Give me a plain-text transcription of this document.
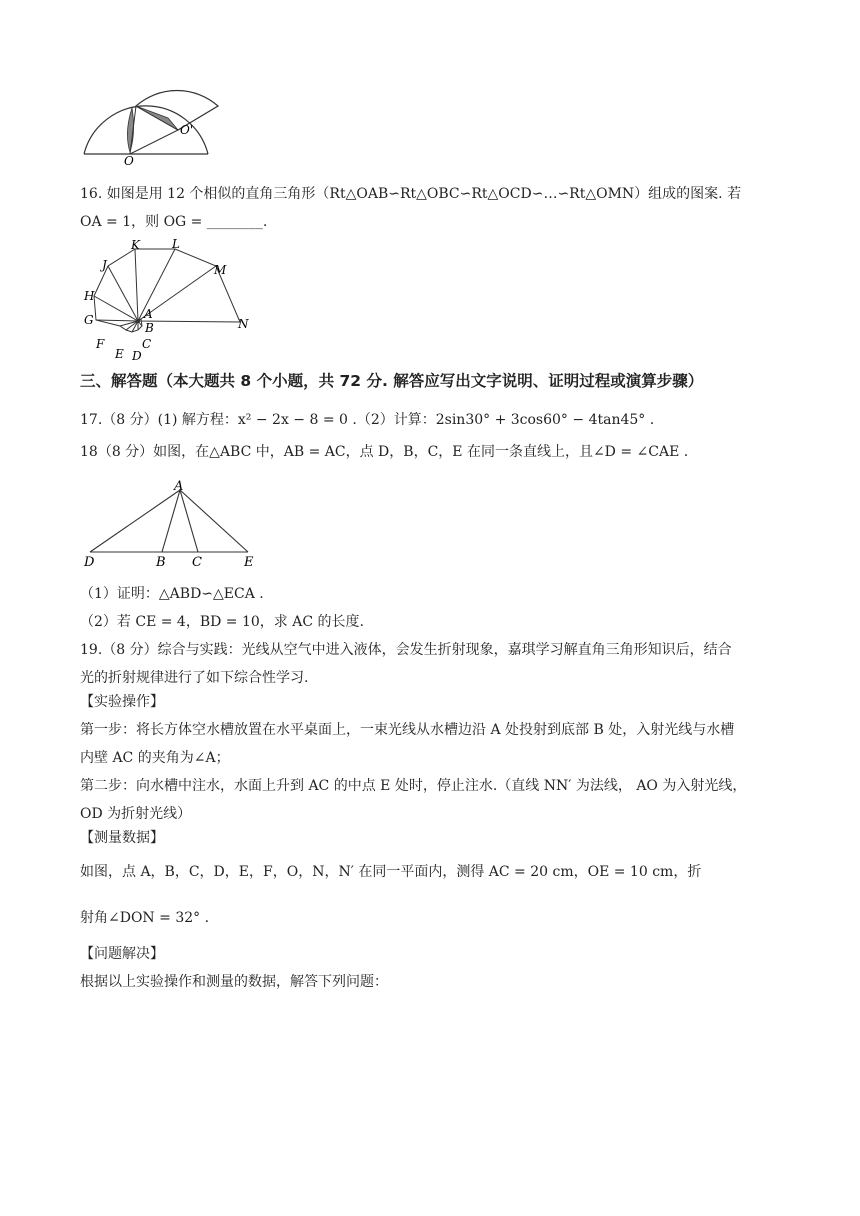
O
O'
16. 如图是用 12 个相似的直角三角形（Rt△OAB∽Rt△OBC∽Rt△OCD∽…∽Rt△OMN）组成的图案. 若
OA = 1，则 OG = ________.
K	L
J	M
H
G	A
B	N
F	C
E D
三、解答题（本大题共 8 个小题，共 72 分. 解答应写出文字说明、证明过程或演算步骤）
17.（8 分）(1) 解方程：x² − 2x − 8 = 0 .（2）计算：2sin30° + 3cos60° − 4tan45° .
18（8 分）如图，在△ABC 中，AB = AC，点 D，B，C，E 在同一条直线上，且∠D = ∠CAE .
A
D	B C	E
（1）证明：△ABD∽△ECA .
（2）若 CE = 4，BD = 10，求 AC 的长度.
19.（8 分）综合与实践：光线从空气中进入液体，会发生折射现象，嘉琪学习解直角三角形知识后，结合
光的折射规律进行了如下综合性学习.
【实验操作】
第一步：将长方体空水槽放置在水平桌面上，一束光线从水槽边沿 A 处投射到底部 B 处，入射光线与水槽
内壁 AC 的夹角为∠A；
第二步：向水槽中注水，水面上升到 AC 的中点 E 处时，停止注水.（直线 NN′ 为法线， AO 为入射光线，
OD 为折射光线）
【测量数据】
如图，点 A，B，C，D，E，F，O，N，N′ 在同一平面内，测得 AC = 20 cm，OE = 10 cm，折
射角∠DON = 32° .
【问题解决】
根据以上实验操作和测量的数据，解答下列问题：
